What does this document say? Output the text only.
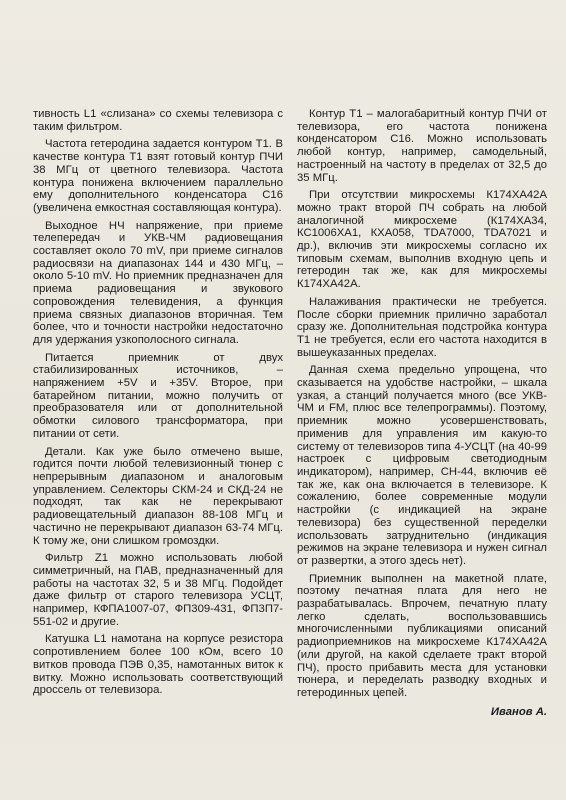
тивность L1 «слизана» со схемы телевизора с таким фильтром.

Частота гетеродина задается контуром Т1. В качестве контура Т1 взят готовый контур ПЧИ 38 МГц от цветного телевизора. Частота контура понижена включением параллельно ему дополнительного конденсатора С16 (увеличена емкостная составляющая контура).

Выходное НЧ напряжение, при приеме телепередач и УКВ-ЧМ радиовещания составляет около 70 mV, при приеме сигналов радиосвязи на диапазонах 144 и 430 МГц, – около 5-10 mV. Но приемник предназначен для приема радиовещания и звукового сопровождения телевидения, а функция приема связных диапазонов вторичная. Тем более, что и точности настройки недостаточно для удержания узкополосного сигнала.

Питается приемник от двух стабилизированных источников, – напряжением +5V и +35V. Второе, при батарейном питании, можно получить от преобразователя или от дополнительной обмотки силового трансформатора, при питании от сети.

Детали. Как уже было отмечено выше, годится почти любой телевизионный тюнер с непрерывным диапазоном и аналоговым управлением. Селекторы СКМ-24 и СКД-24 не подходят, так как не перекрывают радиовещательный диапазон 88-108 МГц и частично не перекрывают диапазон 63-74 МГц. К тому же, они слишком громоздки.

Фильтр Z1 можно использовать любой симметричный, на ПАВ, предназначенный для работы на частотах 32, 5 и 38 МГц. Подойдет даже фильтр от старого телевизора УСЦТ, например, КФПА1007-07, ФП309-431, ФП3П7-551-02 и другие.

Катушка L1 намотана на корпусе резистора сопротивлением более 100 кОм, всего 10 витков провода ПЭВ 0,35, намотанных виток к витку. Можно использовать соответствующий дроссель от телевизора.

Контур Т1 – малогабаритный контур ПЧИ от телевизора, его частота понижена конденсатором С16. Можно использовать любой контур, например, самодельный, настроенный на частоту в пределах от 32,5 до 35 МГц.

При отсутствии микросхемы К174ХА42А можно тракт второй ПЧ собрать на любой аналогичной микросхеме (К174ХА34, КС1006ХА1, КХА058, TDA7000, TDA7021 и др.), включив эти микросхемы согласно их типовым схемам, выполнив входную цепь и гетеродин так же, как для микросхемы К174ХА42А.

Налаживания практически не требуется. После сборки приемник прилично заработал сразу же. Дополнительная подстройка контура Т1 не требуется, если его частота находится в вышеуказанных пределах.

Данная схема предельно упрощена, что сказывается на удобстве настройки, – шкала узкая, а станций получается много (все УКВ-ЧМ и FM, плюс все телепрограммы). Поэтому, приемник можно усовершенствовать, применив для управления им какую-то систему от телевизоров типа 4-УСЦТ (на 40-99 настроек с цифровым светодиодным индикатором), например, СН-44, включив её так же, как она включается в телевизоре. К сожалению, более современные модули настройки (с индикацией на экране телевизора) без существенной переделки использовать затруднительно (индикация режимов на экране телевизора и нужен сигнал от развертки, а этого здесь нет).

Приемник выполнен на макетной плате, поэтому печатная плата для него не разрабатывалась. Впрочем, печатную плату легко сделать, воспользовавшись многочисленными публикациями описаний радиоприемников на микросхеме К174ХА42А (или другой, на какой сделаете тракт второй ПЧ), просто прибавить места для установки тюнера, и переделать разводку входных и гетеродинных цепей.

Иванов А.
